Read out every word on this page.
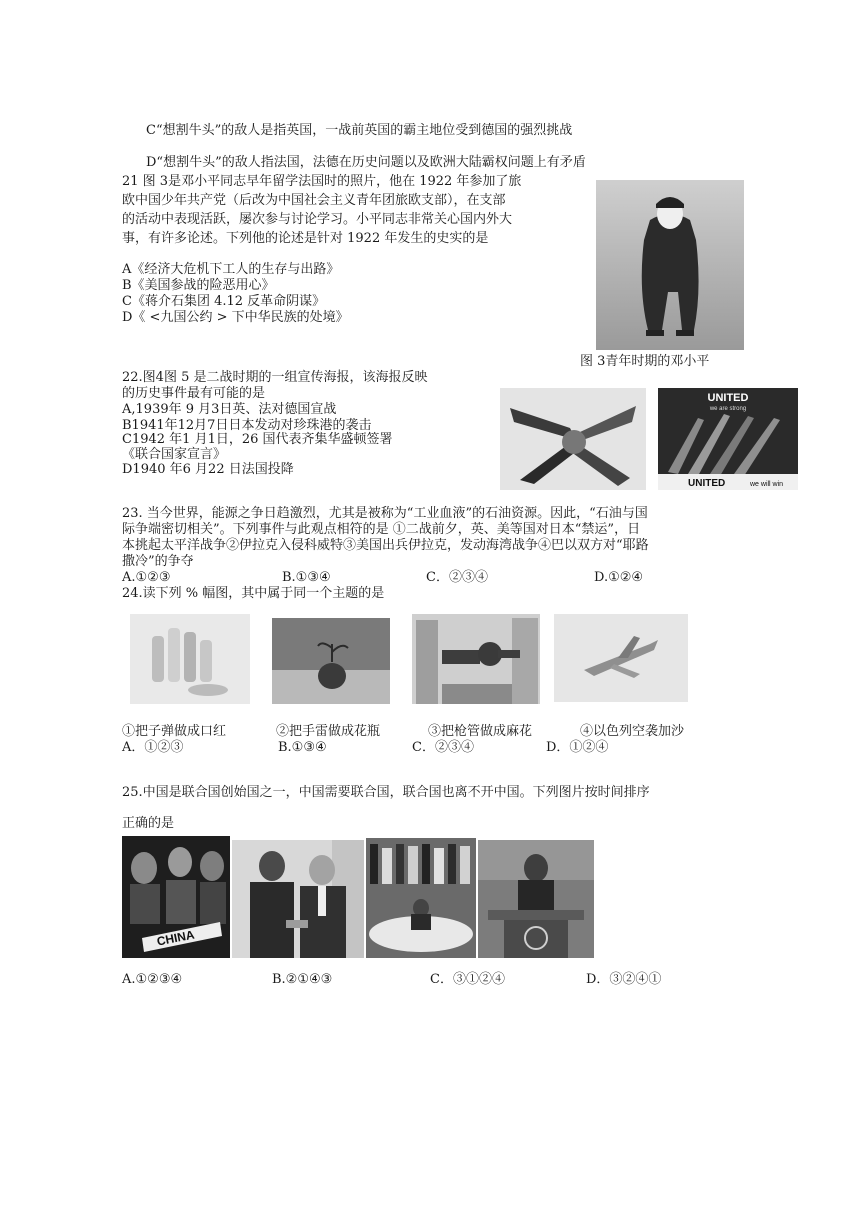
C“想割牛头”的敌人是指英国，一战前英国的霸主地位受到德国的强烈挑战
D“想割牛头”的敌人指法国，法德在历史问题以及欧洲大陆霸权问题上有矛盾
21 图 3是邓小平同志早年留学法国时的照片，他在 1922 年参加了旅
欧中国少年共产党（后改为中国社会主义青年团旅欧支部），在支部
的活动中表现活跃，屡次参与讨论学习。小平同志非常关心国内外大
事，有许多论述。下列他的论述是针对 1922 年发生的史实的是
A《经济大危机下工人的生存与出路》
B《美国参战的险恶用心》
C《蒋介石集团 4.12 反革命阴谋》
D《 <九国公约 > 下中华民族的处境》
图 3青年时期的邓小平
22.图4图 5 是二战时期的一组宣传海报，该海报反映
的历史事件最有可能的是
A,1939年 9 月3日英、法对德国宣战
B1941年12月7日日本发动对珍珠港的袭击
C1942 年1 月1日，26 国代表齐集华盛顿签署
《联合国家宣言》
D1940 年6 月22 日法国投降
UNITED
we are strong
UNITED	we will win
23. 当今世界，能源之争日趋激烈，尤其是被称为“工业血液”的石油资源。因此，“石油与国
际争端密切相关”。下列事件与此观点相符的是 ①二战前夕，英、美等国对日本“禁运”，日
本挑起太平洋战争②伊拉克入侵科威特③美国出兵伊拉克，发动海湾战争④巴以双方对“耶路
撒冷”的争夺
A.①②③	B.①③④	C．②③④	D.①②④
24.读下列 % 幅图，其中属于同一个主题的是
①把子弹做成口红	②把手雷做成花瓶	③把枪管做成麻花	④以色列空袭加沙
A．①②③	B.①③④	C．②③④	D．①②④
25.中国是联合国创始国之一，中国需要联合国，联合国也离不开中国。下列图片按时间排序
正确的是
CHINA
A.①②③④	B.②①④③	C．③①②④	D．③②④①
